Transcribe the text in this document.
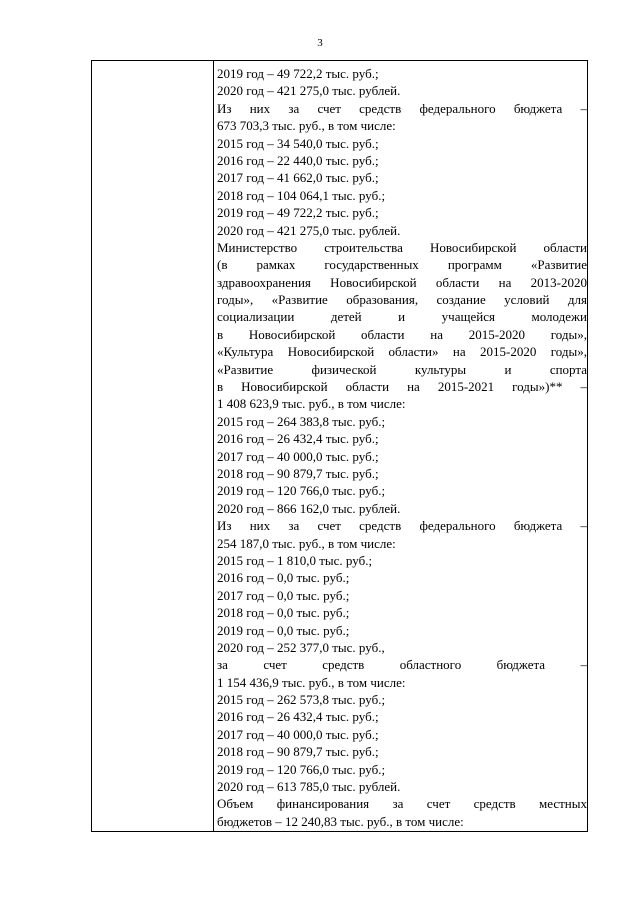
3
2019 год – 49 722,2 тыс. руб.;
2020 год – 421 275,0 тыс. рублей.
Из них за счет средств федерального бюджета –
673 703,3 тыс. руб., в том числе:
2015 год – 34 540,0 тыс. руб.;
2016 год – 22 440,0 тыс. руб.;
2017 год – 41 662,0 тыс. руб.;
2018 год – 104 064,1 тыс. руб.;
2019 год – 49 722,2 тыс. руб.;
2020 год – 421 275,0 тыс. рублей.
Министерство строительства Новосибирской области
(в рамках государственных программ «Развитие
здравоохранения Новосибирской области на 2013-2020
годы», «Развитие образования, создание условий для
социализации детей и учащейся молодежи
в Новосибирской области на 2015-2020 годы»,
«Культура Новосибирской области» на 2015-2020 годы»,
«Развитие физической культуры и спорта
в Новосибирской области на 2015-2021 годы»)** –
1 408 623,9 тыс. руб., в том числе:
2015 год – 264 383,8 тыс. руб.;
2016 год – 26 432,4 тыс. руб.;
2017 год – 40 000,0 тыс. руб.;
2018 год – 90 879,7 тыс. руб.;
2019 год – 120 766,0 тыс. руб.;
2020 год – 866 162,0 тыс. рублей.
Из них за счет средств федерального бюджета –
254 187,0 тыс. руб., в том числе:
2015 год – 1 810,0 тыс. руб.;
2016 год – 0,0 тыс. руб.;
2017 год – 0,0 тыс. руб.;
2018 год – 0,0 тыс. руб.;
2019 год – 0,0 тыс. руб.;
2020 год – 252 377,0 тыс. руб.,
за счет средств областного бюджета –
1 154 436,9 тыс. руб., в том числе:
2015 год – 262 573,8 тыс. руб.;
2016 год – 26 432,4 тыс. руб.;
2017 год – 40 000,0 тыс. руб.;
2018 год – 90 879,7 тыс. руб.;
2019 год – 120 766,0 тыс. руб.;
2020 год – 613 785,0 тыс. рублей.
Объем финансирования за счет средств местных
бюджетов – 12 240,83 тыс. руб., в том числе:
